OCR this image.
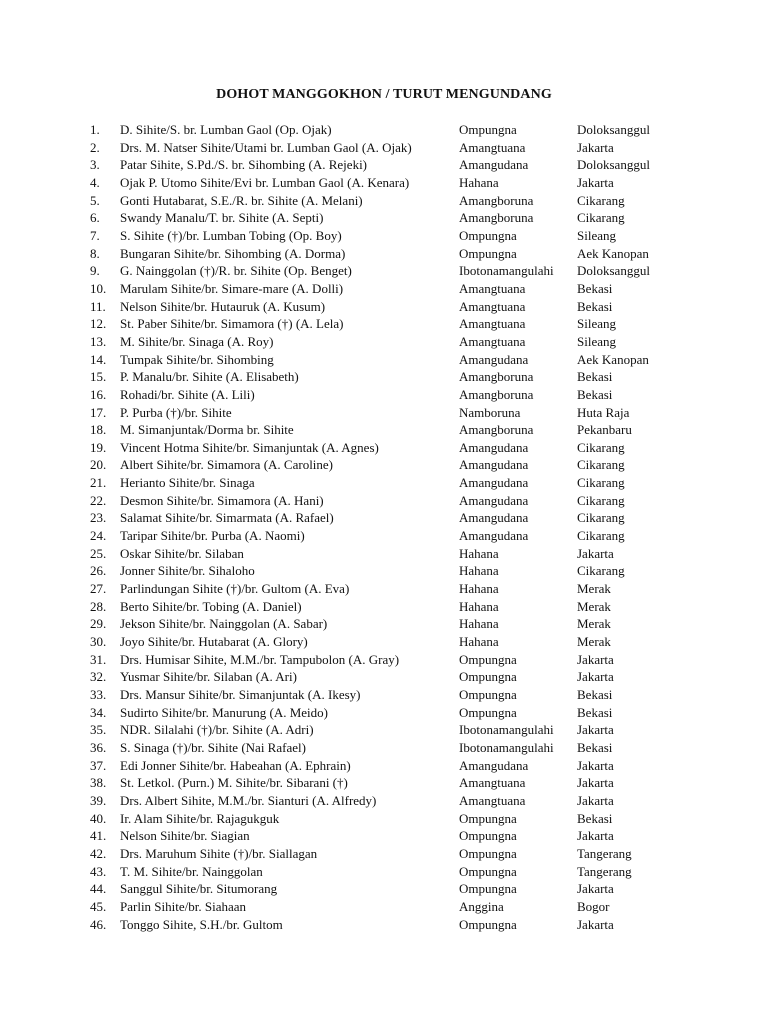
DOHOT MANGGOKHON / TURUT MENGUNDANG
1. D. Sihite/S. br. Lumban Gaol (Op. Ojak)	Ompungna	Doloksanggul
2. Drs. M. Natser Sihite/Utami br. Lumban Gaol (A. Ojak)	Amangtuana	Jakarta
3. Patar Sihite, S.Pd./S. br. Sihombing (A. Rejeki)	Amangudana	Doloksanggul
4. Ojak P. Utomo Sihite/Evi br. Lumban Gaol (A. Kenara)	Hahana	Jakarta
5. Gonti Hutabarat, S.E./R. br. Sihite (A. Melani)	Amangboruna	Cikarang
6. Swandy Manalu/T. br. Sihite (A. Septi)	Amangboruna	Cikarang
7. S. Sihite (†)/br. Lumban Tobing (Op. Boy)	Ompungna	Sileang
8. Bungaran Sihite/br. Sihombing (A. Dorma)	Ompungna	Aek Kanopan
9. G. Nainggolan (†)/R. br. Sihite (Op. Benget)	Ibotonamangulahi Doloksanggul
10. Marulam Sihite/br. Simare-mare (A. Dolli)	Amangtuana	Bekasi
11. Nelson Sihite/br. Hutauruk (A. Kusum)	Amangtuana	Bekasi
12. St. Paber Sihite/br. Simamora (†) (A. Lela)	Amangtuana	Sileang
13. M. Sihite/br. Sinaga (A. Roy)	Amangtuana	Sileang
14. Tumpak Sihite/br. Sihombing	Amangudana	Aek Kanopan
15. P. Manalu/br. Sihite (A. Elisabeth)	Amangboruna	Bekasi
16. Rohadi/br. Sihite (A. Lili)	Amangboruna	Bekasi
17. P. Purba (†)/br. Sihite	Namboruna	Huta Raja
18. M. Simanjuntak/Dorma br. Sihite	Amangboruna	Pekanbaru
19. Vincent Hotma Sihite/br. Simanjuntak (A. Agnes)	Amangudana	Cikarang
20. Albert Sihite/br. Simamora (A. Caroline)	Amangudana	Cikarang
21. Herianto Sihite/br. Sinaga	Amangudana	Cikarang
22. Desmon Sihite/br. Simamora (A. Hani)	Amangudana	Cikarang
23. Salamat Sihite/br. Simarmata (A. Rafael)	Amangudana	Cikarang
24. Taripar Sihite/br. Purba (A. Naomi)	Amangudana	Cikarang
25. Oskar Sihite/br. Silaban	Hahana	Jakarta
26. Jonner Sihite/br. Sihaloho	Hahana	Cikarang
27. Parlindungan Sihite (†)/br. Gultom (A. Eva)	Hahana	Merak
28. Berto Sihite/br. Tobing (A. Daniel)	Hahana	Merak
29. Jekson Sihite/br. Nainggolan (A. Sabar)	Hahana	Merak
30. Joyo Sihite/br. Hutabarat (A. Glory)	Hahana	Merak
31. Drs. Humisar Sihite, M.M./br. Tampubolon (A. Gray)	Ompungna	Jakarta
32. Yusmar Sihite/br. Silaban (A. Ari)	Ompungna	Jakarta
33. Drs. Mansur Sihite/br. Simanjuntak (A. Ikesy)	Ompungna	Bekasi
34. Sudirto Sihite/br. Manurung (A. Meido)	Ompungna	Bekasi
35. NDR. Silalahi (†)/br. Sihite (A. Adri)	Ibotonamangulahi Jakarta
36. S. Sinaga (†)/br. Sihite (Nai Rafael)	Ibotonamangulahi Bekasi
37. Edi Jonner Sihite/br. Habeahan (A. Ephrain)	Amangudana	Jakarta
38. St. Letkol. (Purn.) M. Sihite/br. Sibarani (†)	Amangtuana	Jakarta
39. Drs. Albert Sihite, M.M./br. Sianturi (A. Alfredy)	Amangtuana	Jakarta
40. Ir. Alam Sihite/br. Rajagukguk	Ompungna	Bekasi
41. Nelson Sihite/br. Siagian	Ompungna	Jakarta
42. Drs. Maruhum Sihite (†)/br. Siallagan	Ompungna	Tangerang
43. T. M. Sihite/br. Nainggolan	Ompungna	Tangerang
44. Sanggul Sihite/br. Situmorang	Ompungna	Jakarta
45. Parlin Sihite/br. Siahaan	Anggina	Bogor
46. Tonggo Sihite, S.H./br. Gultom	Ompungna	Jakarta
